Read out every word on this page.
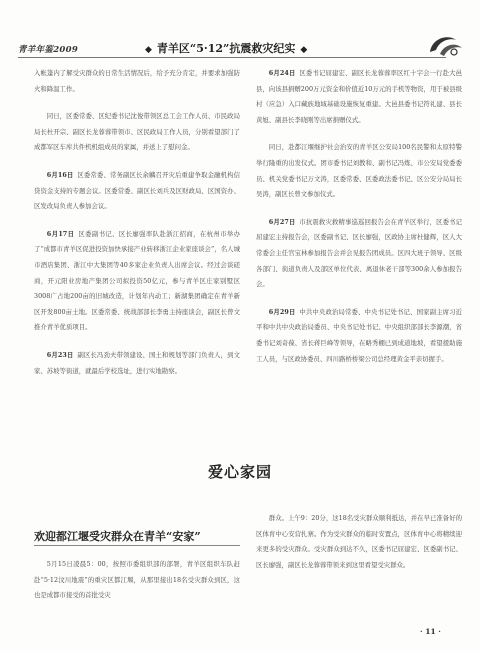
青羊年鉴2009	◆ 青羊区“5·12”抗震救灾纪实 ◆

入帐篷内了解受灾群众的日常生活情况后，给予充分肯定，并要求加强防火和降温工作。

同日，区委常委、区纪委书记沈俊带领区总工会工作人员、市民政局局长杜开宗、副区长龙蓉蓉带领市、区民政局工作人员，分别看望部门了成都军区车库共件机机组成员的家属，并送上了慰问金。

6月16日 区委常委、常务副区长余麟召开灾后重建争取金融机构信贷资金支持的专题会议。区委常委、副区长刘兵及区财政局、区国资办、区发改局负责人参加会议。

6月17日 区委副书记、区长廖强率队赴浙江招商，在杭州市举办了“成都市青羊区促进投资加快承接产业转移浙江企业家座谈会”，名人城市酒店集团、浙江中大集团等40多家企业负责人出席会议。经过会谈磋商，开元阳业房地产集团公司拟投资50亿元，参与青羊区庄家别墅区3008广占地200亩的旧城改造，计划年内动工；新湖集团确定在青羊新区开发800亩土地。区委常委、统战部部长李勇主持座谈会，副区长曾文推介青羊优质项目。

6月23日 副区长冯劲夫带领建设、国土和规划等部门负责人，到文家、苏坡等街道，就最后学校选址，进行实地勘察。

6月24日 区委书记屈建宏、副区长龙蓉蓉率区红十字会一行赴大邑县，向该县捐赠200万元资金和价值近10万元的手机等物资，用于被县级村（应急）入口藏族地域基础设施恢复重建。大邑县委书记符礼建、县长黄旭、副县长李晓刚等出席捐赠仪式。

同日，赴都江堰继护社会治安的青羊区公安局100名民警和太原特警举行隆重的出发仪式。团市委书记刘教和、副书记冯炼、市公安局党委委员、机关党委书记万文涛，区委常委、区委政法委书记、区公安分局局长吴涛，副区长曾文参加仪式。

6月27日 市抗震救灾救精事巡巡回报告会在青羊区举行，区委书记屈建宏主持报告会，区委副书记、区长廖强，区政协主席杜健辉，区人大常委会主任官宝林参加报告会并会见报告团成员。区四大班子领导、区级各部门、街道负责人及部区单位代表、离退休老干部等300余人参加报告会。

6月29日 中共中央政治局常委、中央书记处书记、国家副主席习近平和中共中央政治局委员、中央书记处书记、中央组织部部长李源潮，省委书记刘奇葆、省长蒋巨峰等领导，在略秀棚已到成道地坡，看望援助施工人员，与区政协委员、四川路桥桥梁公司总经理黄金平亲切握手。

爱心家园
欢迎都江堰受灾群众在青羊“安家”

5月15日凌晨5：00，按照市委组织部的部署，青羊区组织车队赶赴“5·12汶川地震”的重灾区都江堰，从那里接出18名受灾群众到区，这也是成都市接受的首批受灾

群众。上午9：20分，这18名受灾群众顺利抵达，并在早已准备好的区体育中心安营扎寨。作为受灾群众的临时安置点，区体育中心将精续迎来更多的受灾群众。受灾群众到达不久，区委书记屈建宏、区委副书记、区长廖强，副区长龙蓉蓉带领来到这里看望受灾群众。

· 11 ·
